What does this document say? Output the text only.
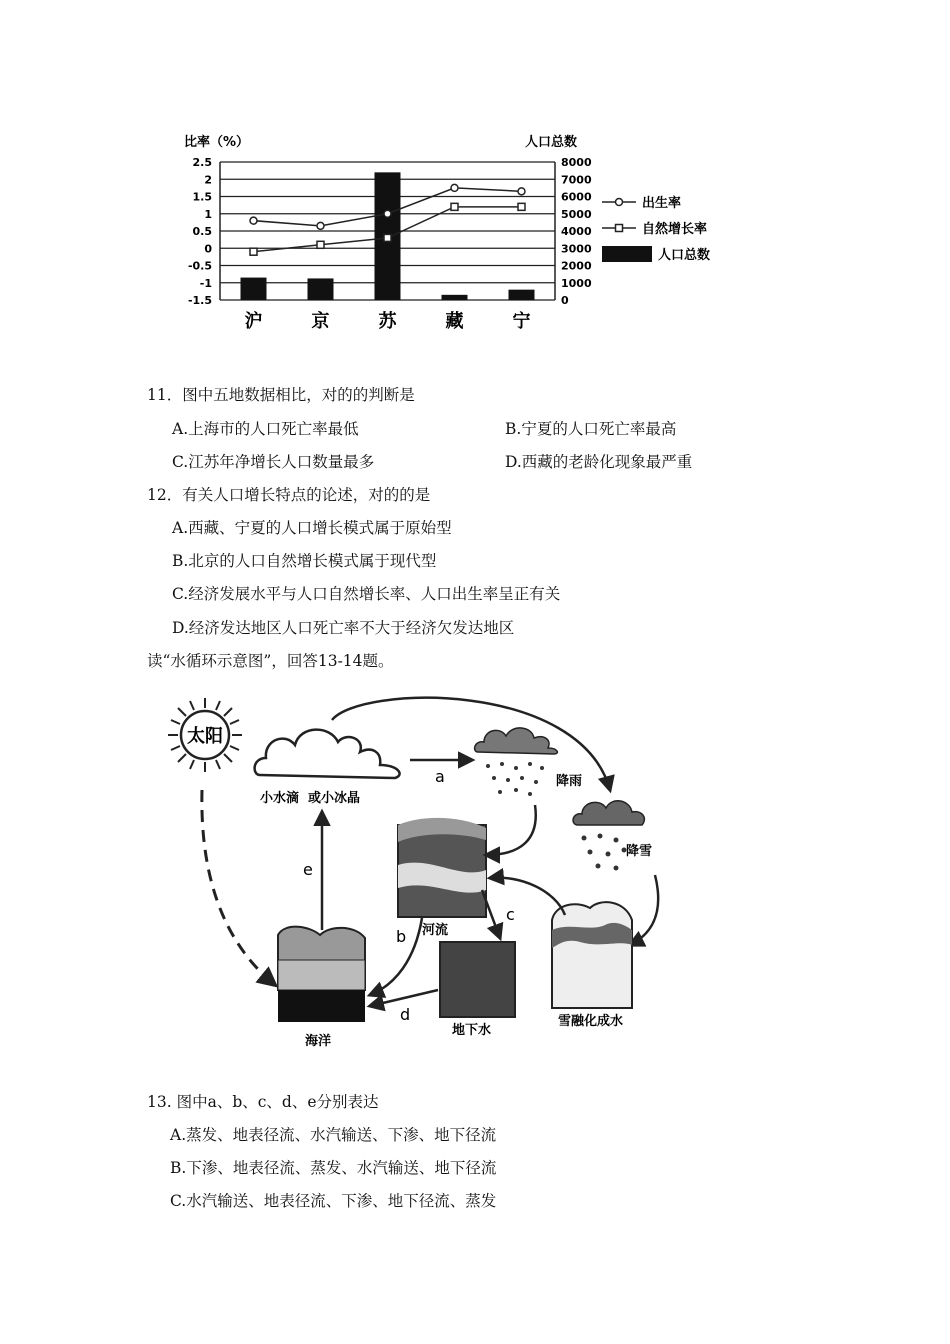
比率（%）	人口总数
2.5	8000
2	7000
1.5	6000
1	5000
0.5	4000
0	3000
-0.5	2000
-1	1000
-1.5	0
沪	京	苏	藏	宁
出生率
自然增长率
人口总数
11．图中五地数据相比，对的的判断是
A.上海市的人口死亡率最低	B.宁夏的人口死亡率最高
C.江苏年净增长人口数量最多	D.西藏的老龄化现象最严重
12．有关人口增长特点的论述，对的的是
A.西藏、宁夏的人口增长模式属于原始型
B.北京的人口自然增长模式属于现代型
C.经济发展水平与人口自然增长率、人口出生率呈正有关
D.经济发达地区人口死亡率不大于经济欠发达地区
读“水循环示意图”，回答13-14题。
太阳
小水滴  或小冰晶
a	降雨
降雪
河流
雪融化成水
c
地下水
海洋
e
b
d
13. 图中a、b、c、d、e分别表达
A.蒸发、地表径流、水汽输送、下渗、地下径流
B.下渗、地表径流、蒸发、水汽输送、地下径流
C.水汽输送、地表径流、下渗、地下径流、蒸发
